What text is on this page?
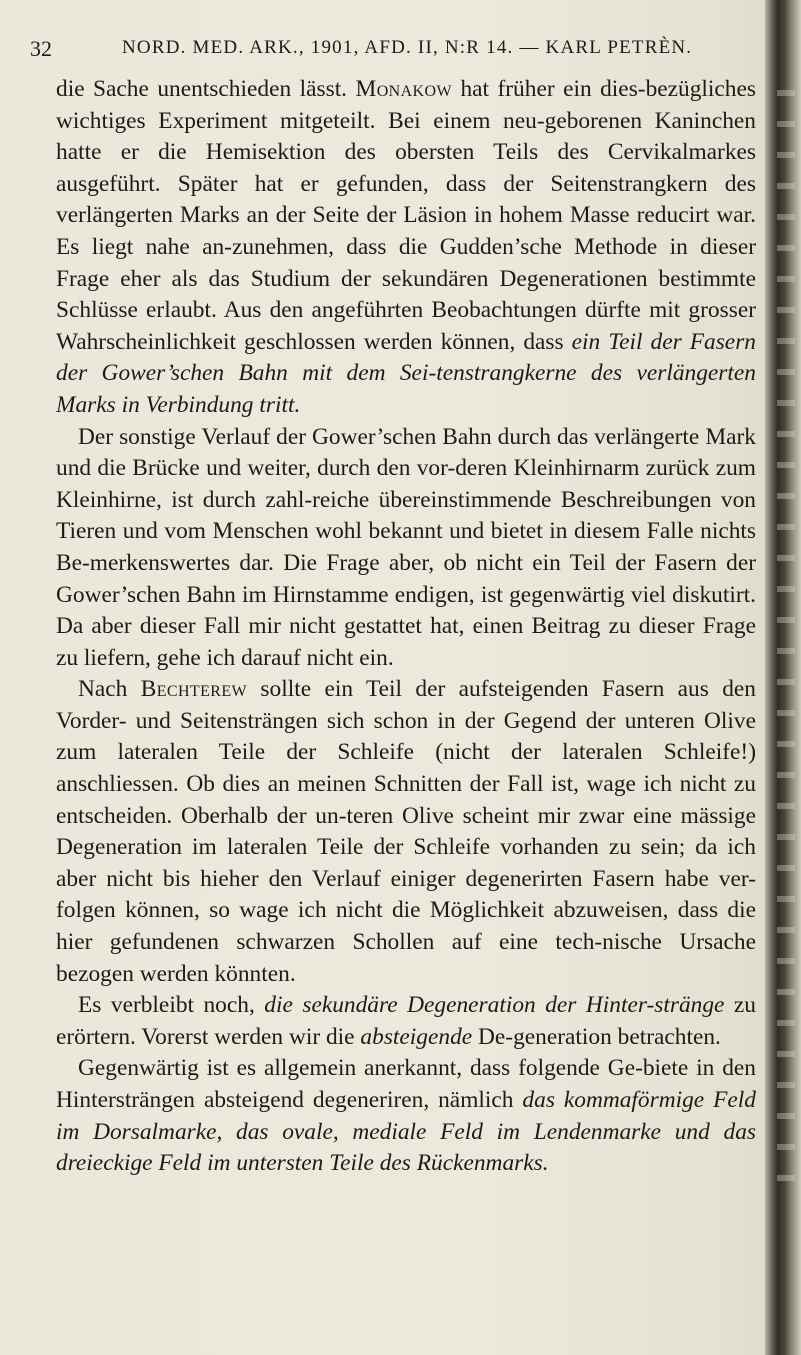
32	NORD. MED. ARK., 1901, AFD. II, N:R 14. — KARL PETRÈN.

die Sache unentschieden lässt. Monakow hat früher ein dies-bezügliches wichtiges Experiment mitgeteilt. Bei einem neu-geborenen Kaninchen hatte er die Hemisektion des obersten Teils des Cervikalmarkes ausgeführt. Später hat er gefunden, dass der Seitenstrangkern des verlängerten Marks an der Seite der Läsion in hohem Masse reducirt war. Es liegt nahe an-zunehmen, dass die Gudden’sche Methode in dieser Frage eher als das Studium der sekundären Degenerationen bestimmte Schlüsse erlaubt. Aus den angeführten Beobachtungen dürfte mit grosser Wahrscheinlichkeit geschlossen werden können, dass ein Teil der Fasern der Gower’schen Bahn mit dem Sei-tenstrangkerne des verlängerten Marks in Verbindung tritt.

Der sonstige Verlauf der Gower’schen Bahn durch das verlängerte Mark und die Brücke und weiter, durch den vor-deren Kleinhirnarm zurück zum Kleinhirne, ist durch zahl-reiche übereinstimmende Beschreibungen von Tieren und vom Menschen wohl bekannt und bietet in diesem Falle nichts Be-merkenswertes dar. Die Frage aber, ob nicht ein Teil der Fasern der Gower’schen Bahn im Hirnstamme endigen, ist gegenwärtig viel diskutirt. Da aber dieser Fall mir nicht gestattet hat, einen Beitrag zu dieser Frage zu liefern, gehe ich darauf nicht ein.

Nach Bechterew sollte ein Teil der aufsteigenden Fasern aus den Vorder- und Seitensträngen sich schon in der Gegend der unteren Olive zum lateralen Teile der Schleife (nicht der lateralen Schleife!) anschliessen. Ob dies an meinen Schnitten der Fall ist, wage ich nicht zu entscheiden. Oberhalb der un-teren Olive scheint mir zwar eine mässige Degeneration im lateralen Teile der Schleife vorhanden zu sein; da ich aber nicht bis hieher den Verlauf einiger degenerirten Fasern habe ver-folgen können, so wage ich nicht die Möglichkeit abzuweisen, dass die hier gefundenen schwarzen Schollen auf eine tech-nische Ursache bezogen werden könnten.

Es verbleibt noch, die sekundäre Degeneration der Hinter-stränge zu erörtern. Vorerst werden wir die absteigende De-generation betrachten.

Gegenwärtig ist es allgemein anerkannt, dass folgende Ge-biete in den Hintersträngen absteigend degeneriren, nämlich das kommaförmige Feld im Dorsalmarke, das ovale, mediale Feld im Lendenmarke und das dreieckige Feld im untersten Teile des Rückenmarks.
